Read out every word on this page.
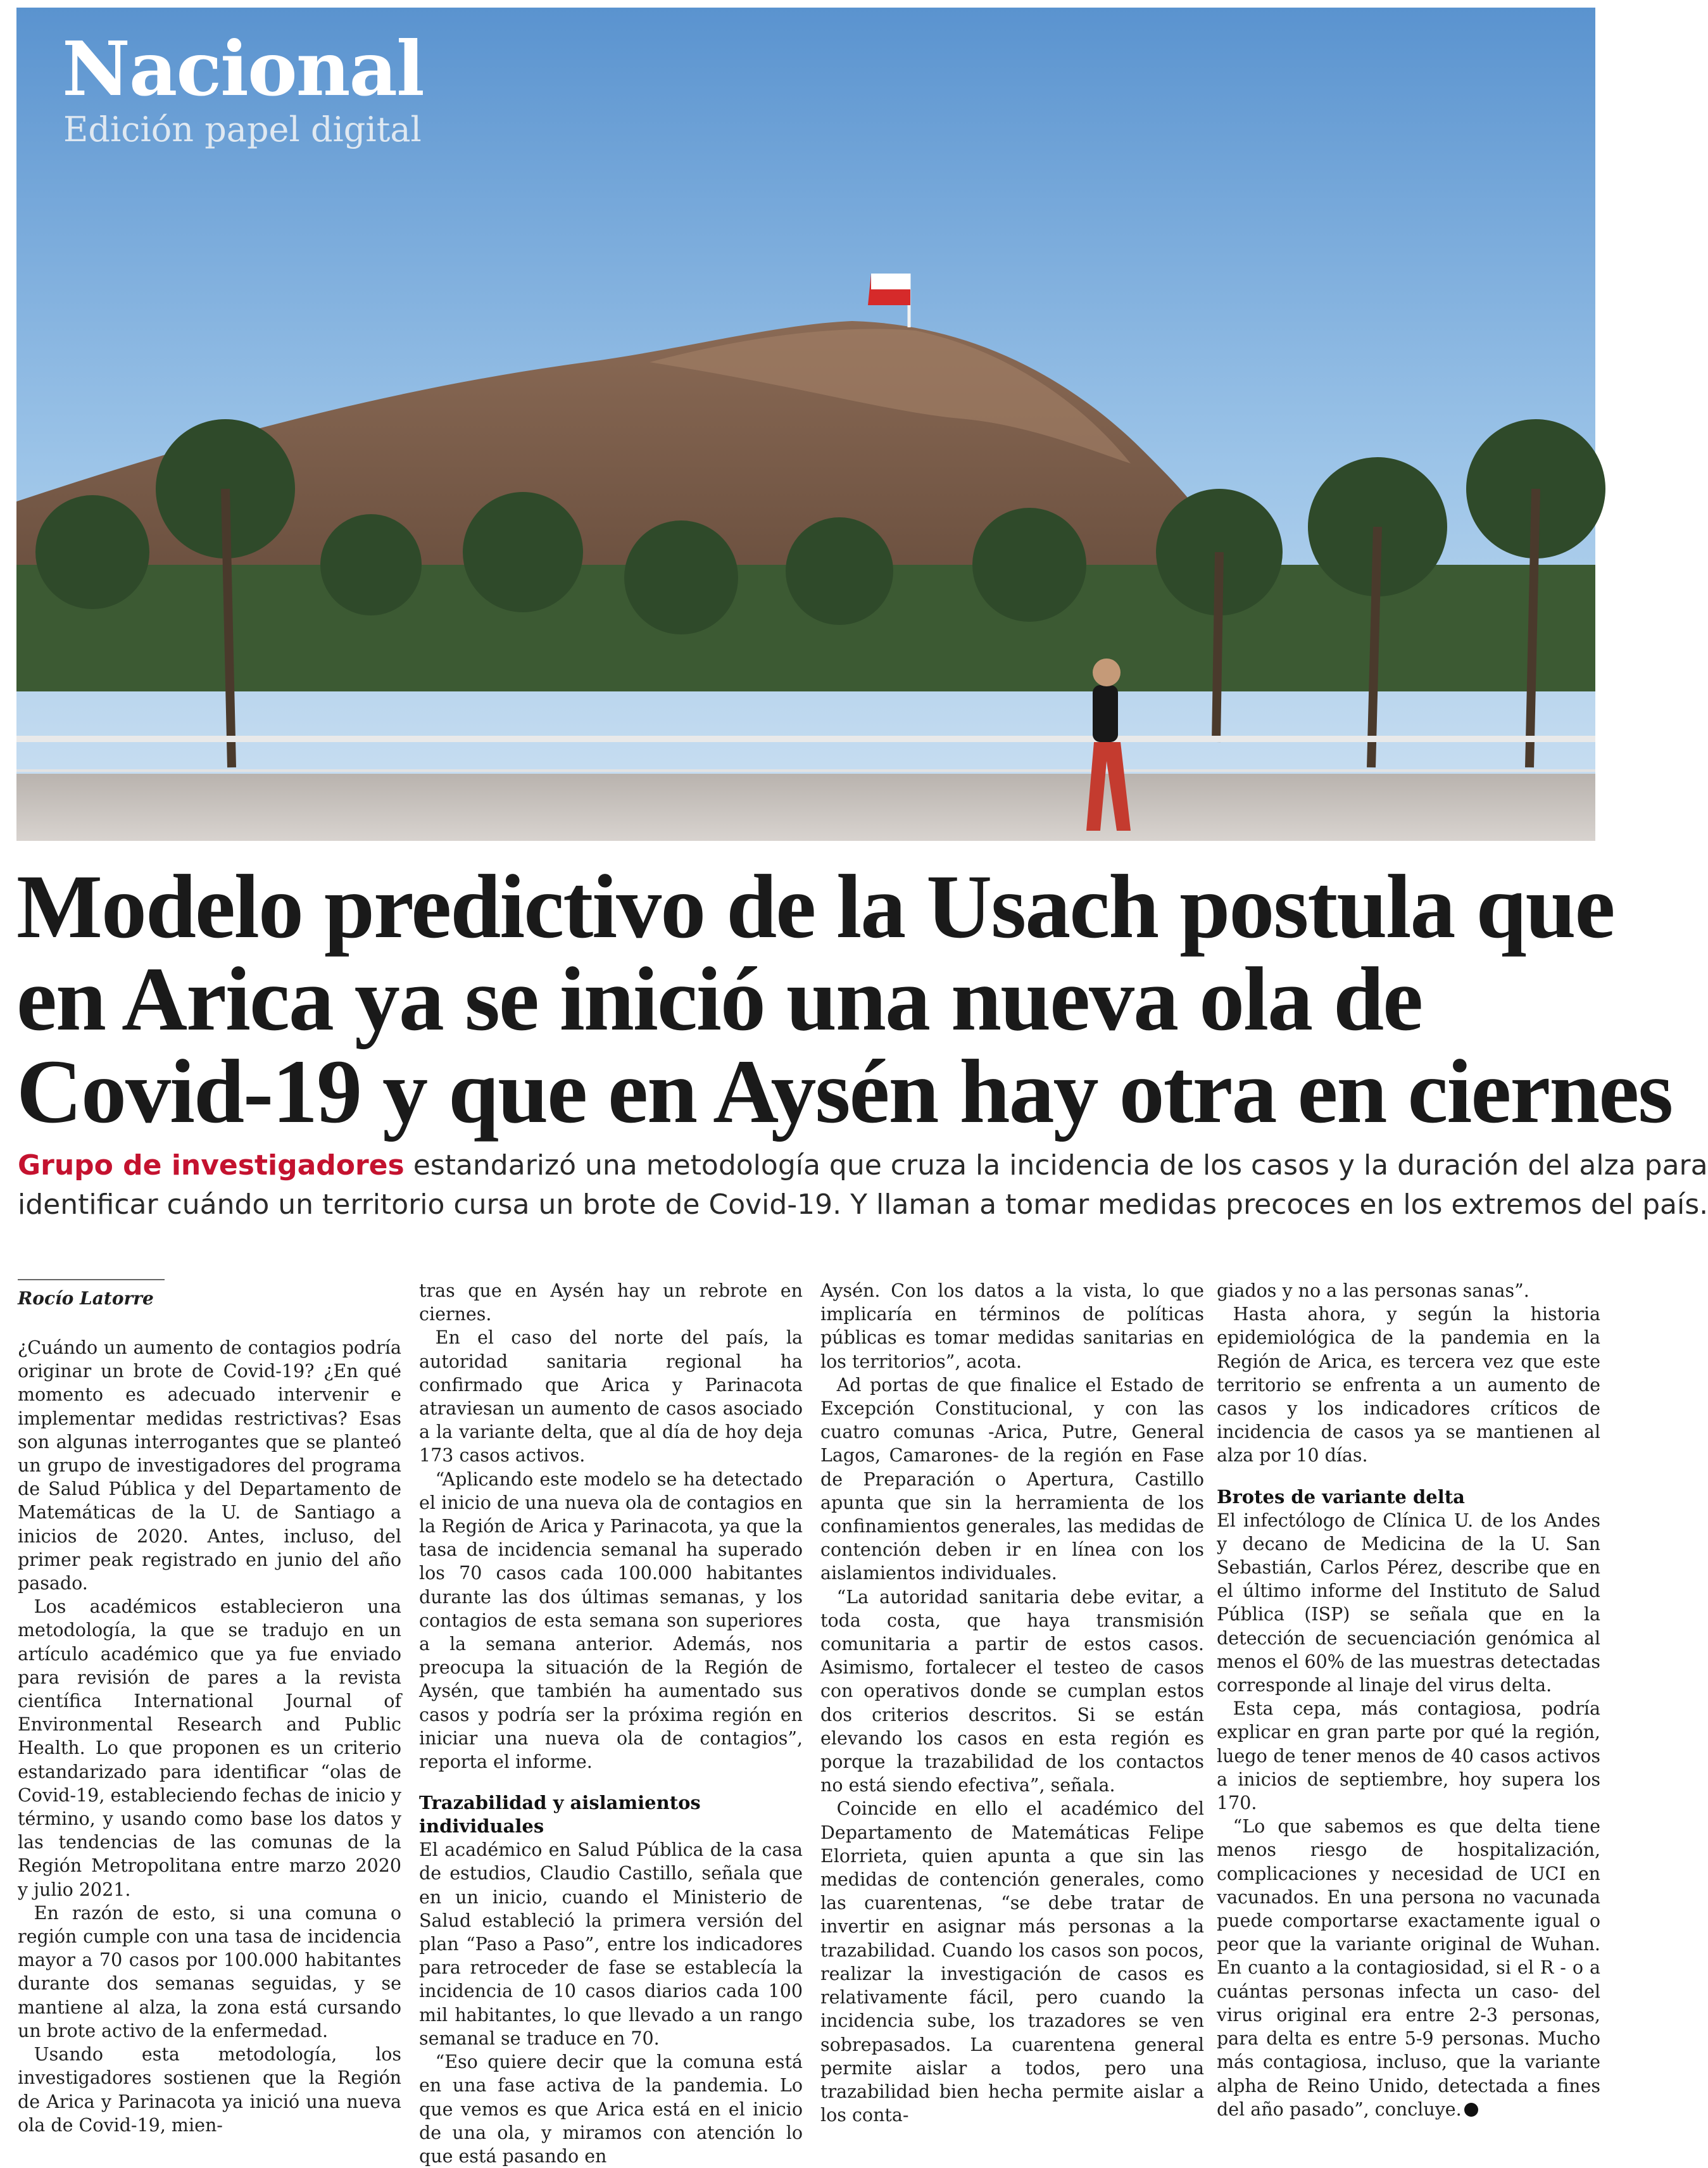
Nacional
Edición papel digital
Modelo predictivo de la Usach postula que
en Arica ya se inició una nueva ola de
Covid-19 y que en Aysén hay otra en ciernes
Grupo de investigadores estandarizó una metodología que cruza la incidencia de los casos y la duración del alza para
identificar cuándo un territorio cursa un brote de Covid-19. Y llaman a tomar medidas precoces en los extremos del país.
Rocío Latorre

¿Cuándo un aumento de contagios podría originar un brote de Covid-19? ¿En qué momento es adecuado intervenir e implementar medidas restrictivas? Esas son algunas interrogantes que se planteó un grupo de investigadores del programa de Salud Pública y del Departamento de Matemáticas de la U. de Santiago a inicios de 2020. Antes, incluso, del primer peak registrado en junio del año pasado.

Los académicos establecieron una metodología, la que se tradujo en un artículo académico que ya fue enviado para revisión de pares a la revista científica International Journal of Environmental Research and Public Health. Lo que proponen es un criterio estandarizado para identificar “olas de Covid-19, estableciendo fechas de inicio y término, y usando como base los datos y las tendencias de las comunas de la Región Metropolitana entre marzo 2020 y julio 2021.

En razón de esto, si una comuna o región cumple con una tasa de incidencia mayor a 70 casos por 100.000 habitantes durante dos semanas seguidas, y se mantiene al alza, la zona está cursando un brote activo de la enfermedad.

Usando esta metodología, los investigadores sostienen que la Región de Arica y Parinacota ya inició una nueva ola de Covid-19, mien-

tras que en Aysén hay un rebrote en ciernes.

En el caso del norte del país, la autoridad sanitaria regional ha confirmado que Arica y Parinacota atraviesan un aumento de casos asociado a la variante delta, que al día de hoy deja 173 casos activos.

“Aplicando este modelo se ha detectado el inicio de una nueva ola de contagios en la Región de Arica y Parinacota, ya que la tasa de incidencia semanal ha superado los 70 casos cada 100.000 habitantes durante las dos últimas semanas, y los contagios de esta semana son superiores a la semana anterior. Además, nos preocupa la situación de la Región de Aysén, que también ha aumentado sus casos y podría ser la próxima región en iniciar una nueva ola de contagios”, reporta el informe.

Trazabilidad y aislamientos individuales

El académico en Salud Pública de la casa de estudios, Claudio Castillo, señala que en un inicio, cuando el Ministerio de Salud estableció la primera versión del plan “Paso a Paso”, entre los indicadores para retroceder de fase se establecía la incidencia de 10 casos diarios cada 100 mil habitantes, lo que llevado a un rango semanal se traduce en 70.

“Eso quiere decir que la comuna está en una fase activa de la pandemia. Lo que vemos es que Arica está en el inicio de una ola, y miramos con atención lo que está pasando en

Aysén. Con los datos a la vista, lo que implicaría en términos de políticas públicas es tomar medidas sanitarias en los territorios”, acota.

Ad portas de que finalice el Estado de Excepción Constitucional, y con las cuatro comunas -Arica, Putre, General Lagos, Camarones- de la región en Fase de Preparación o Apertura, Castillo apunta que sin la herramienta de los confinamientos generales, las medidas de contención deben ir en línea con los aislamientos individuales.

“La autoridad sanitaria debe evitar, a toda costa, que haya transmisión comunitaria a partir de estos casos. Asimismo, fortalecer el testeo de casos con operativos donde se cumplan estos dos criterios descritos. Si se están elevando los casos en esta región es porque la trazabilidad de los contactos no está siendo efectiva”, señala.

Coincide en ello el académico del Departamento de Matemáticas Felipe Elorrieta, quien apunta a que sin las medidas de contención generales, como las cuarentenas, “se debe tratar de invertir en asignar más personas a la trazabilidad. Cuando los casos son pocos, realizar la investigación de casos es relativamente fácil, pero cuando la incidencia sube, los trazadores se ven sobrepasados. La cuarentena general permite aislar a todos, pero una trazabilidad bien hecha permite aislar a los conta-

giados y no a las personas sanas”.

Hasta ahora, y según la historia epidemiológica de la pandemia en la Región de Arica, es tercera vez que este territorio se enfrenta a un aumento de casos y los indicadores críticos de incidencia de casos ya se mantienen al alza por 10 días.

Brotes de variante delta

El infectólogo de Clínica U. de los Andes y decano de Medicina de la U. San Sebastián, Carlos Pérez, describe que en el último informe del Instituto de Salud Pública (ISP) se señala que en la detección de secuenciación genómica al menos el 60% de las muestras detectadas corresponde al linaje del virus delta.

Esta cepa, más contagiosa, podría explicar en gran parte por qué la región, luego de tener menos de 40 casos activos a inicios de septiembre, hoy supera los 170.

“Lo que sabemos es que delta tiene menos riesgo de hospitalización, complicaciones y necesidad de UCI en vacunados. En una persona no vacunada puede comportarse exactamente igual o peor que la variante original de Wuhan. En cuanto a la contagiosidad, si el R - o a cuántas personas infecta un caso- del virus original era entre 2-3 personas, para delta es entre 5-9 personas. Mucho más contagiosa, incluso, que la variante alpha de Reino Unido, detectada a fines del año pasado”, concluye.
